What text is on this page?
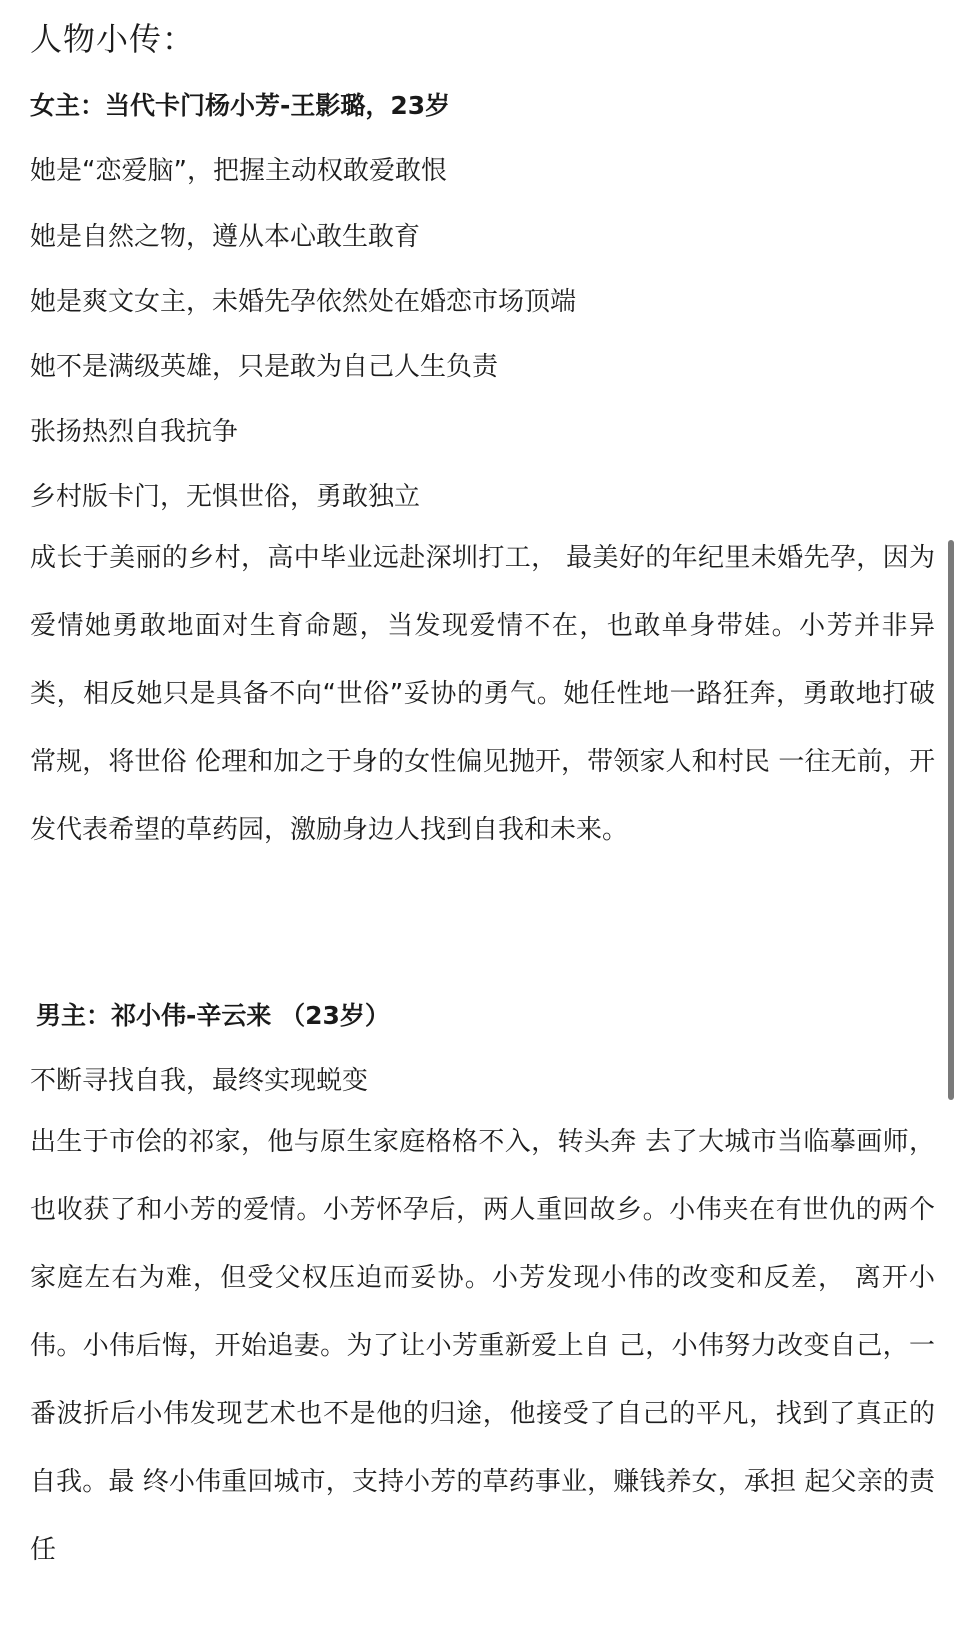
人物小传：
女主：当代卡门杨小芳-王影璐，23岁

她是“恋爱脑”，把握主动权敢爱敢恨

她是自然之物，遵从本心敢生敢育

她是爽文女主，未婚先孕依然处在婚恋市场顶端

她不是满级英雄，只是敢为自己人生负责

张扬热烈自我抗争

乡村版卡门，无惧世俗，勇敢独立

成长于美丽的乡村，高中毕业远赴深圳打工， 最美好的年纪里未婚先孕，因为爱情她勇敢地面对生育命题，当发现爱情不在，也敢单身带娃。小芳并非异类，相反她只是具备不向“世俗”妥协的勇气。她任性地一路狂奔，勇敢地打破常规，将世俗 伦理和加之于身的女性偏见抛开，带领家人和村民 一往无前，开发代表希望的草药园，激励身边人找到自我和未来。

男主：祁小伟-辛云来 （23岁）

不断寻找自我，最终实现蜕变

出生于市侩的祁家，他与原生家庭格格不入，转头奔 去了大城市当临摹画师，也收获了和小芳的爱情。小芳怀孕后，两人重回故乡。小伟夹在有世仇的两个家庭左右为难，但受父权压迫而妥协。小芳发现小伟的改变和反差， 离开小伟。小伟后悔，开始追妻。为了让小芳重新爱上自 己，小伟努力改变自己，一番波折后小伟发现艺术也不是他的归途，他接受了自己的平凡，找到了真正的自我。最 终小伟重回城市，支持小芳的草药事业，赚钱养女，承担 起父亲的责任
